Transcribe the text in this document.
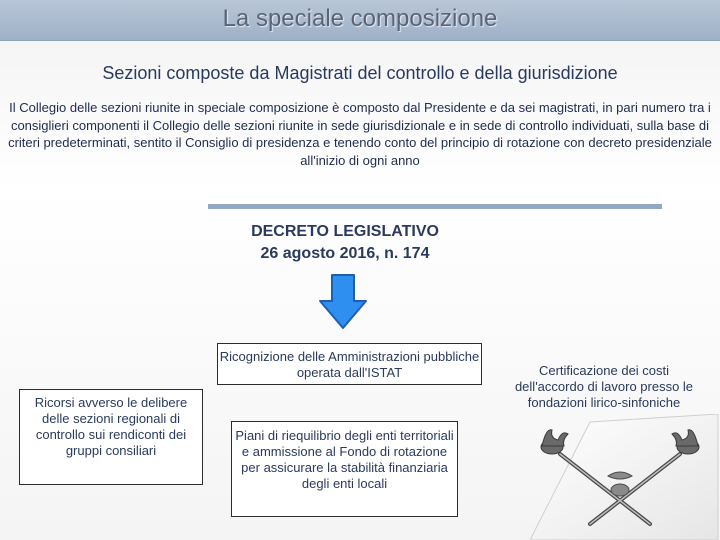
La speciale composizione
Sezioni composte da Magistrati del controllo e della giurisdizione
Il Collegio delle sezioni riunite in speciale composizione è composto dal Presidente e da sei magistrati, in pari numero tra i consiglieri componenti il Collegio delle sezioni riunite in sede giurisdizionale e in sede di controllo individuati, sulla base di criteri predeterminati, sentito il Consiglio di presidenza e tenendo conto del principio di rotazione con decreto presidenziale all'inizio di ogni anno
DECRETO LEGISLATIVO
26 agosto 2016, n. 174
Ricognizione delle Amministrazioni pubbliche operata dall'ISTAT
Ricorsi avverso le delibere delle sezioni regionali di controllo sui rendiconti dei gruppi consiliari
Piani di riequilibrio degli enti territoriali e ammissione al Fondo di rotazione per assicurare la stabilità finanziaria degli enti locali
Certificazione dei costi dell'accordo di lavoro presso le fondazioni lirico-sinfoniche
